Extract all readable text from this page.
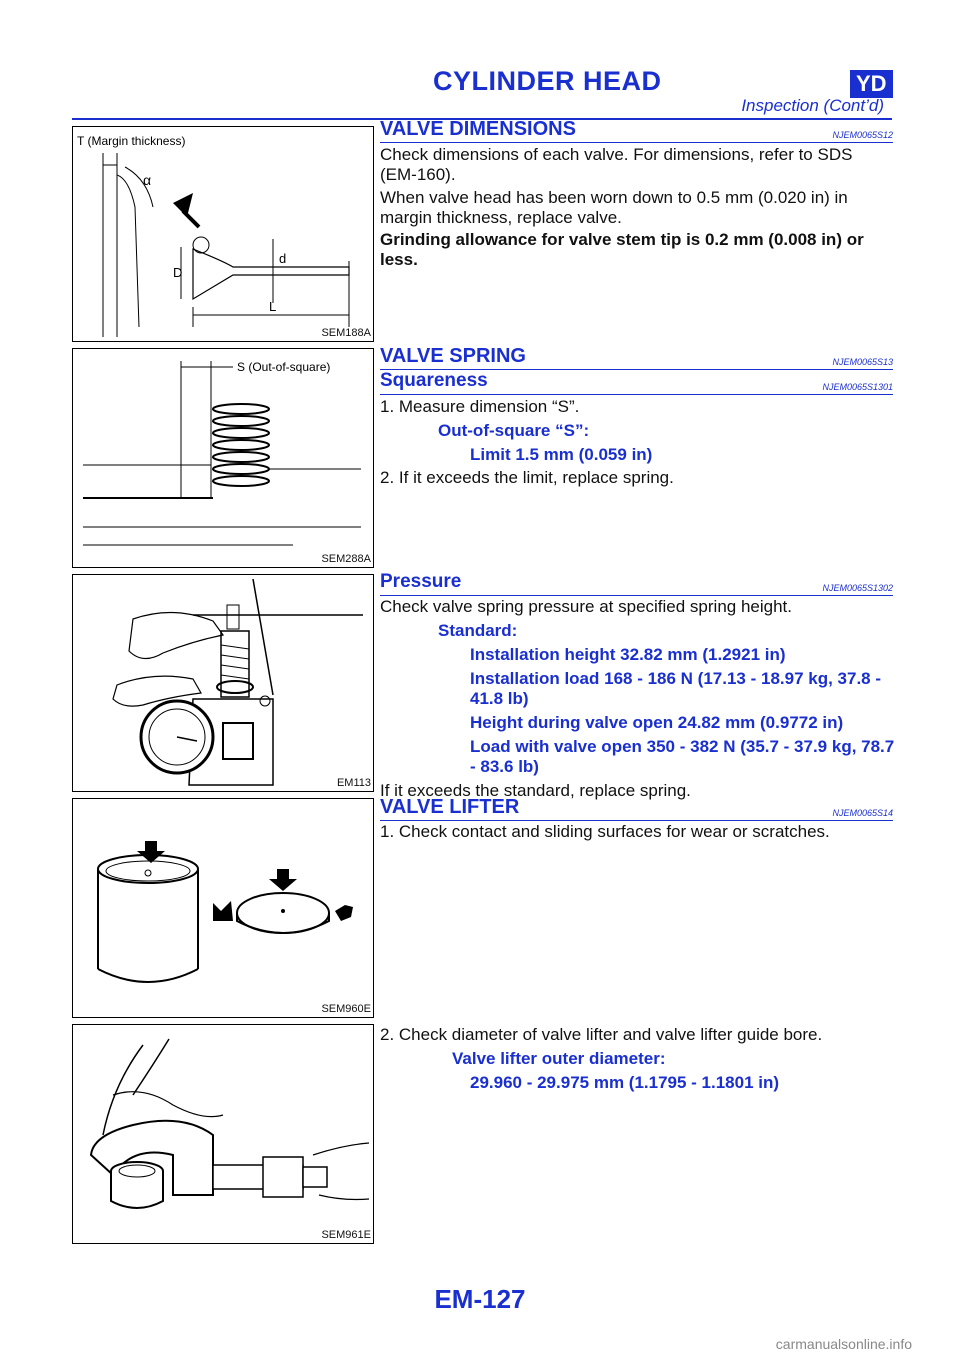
CYLINDER HEAD	YD
Inspection (Cont’d)
T (Margin thickness)
α
D
d
L
SEM188A
VALVE DIMENSIONS	NJEM0065S12
Check dimensions of each valve. For dimensions, refer to SDS (EM-160).
When valve head has been worn down to 0.5 mm (0.020 in) in margin thickness, replace valve.
Grinding allowance for valve stem tip is 0.2 mm (0.008 in) or less.
S (Out-of-square)
SEM288A
VALVE SPRING	NJEM0065S13
Squareness	NJEM0065S1301
1. Measure dimension “S”.
Out-of-square “S”:
Limit 1.5 mm (0.059 in)
2. If it exceeds the limit, replace spring.
EM113
Pressure	NJEM0065S1302
Check valve spring pressure at specified spring height.
Standard:
Installation height 32.82 mm (1.2921 in)
Installation load 168 - 186 N (17.13 - 18.97 kg, 37.8 - 41.8 lb)
Height during valve open 24.82 mm (0.9772 in)
Load with valve open 350 - 382 N (35.7 - 37.9 kg, 78.7 - 83.6 lb)
If it exceeds the standard, replace spring.
SEM960E
VALVE LIFTER	NJEM0065S14
1. Check contact and sliding surfaces for wear or scratches.
SEM961E
2. Check diameter of valve lifter and valve lifter guide bore.
Valve lifter outer diameter:
29.960 - 29.975 mm (1.1795 - 1.1801 in)
EM-127
carmanualsonline.info
